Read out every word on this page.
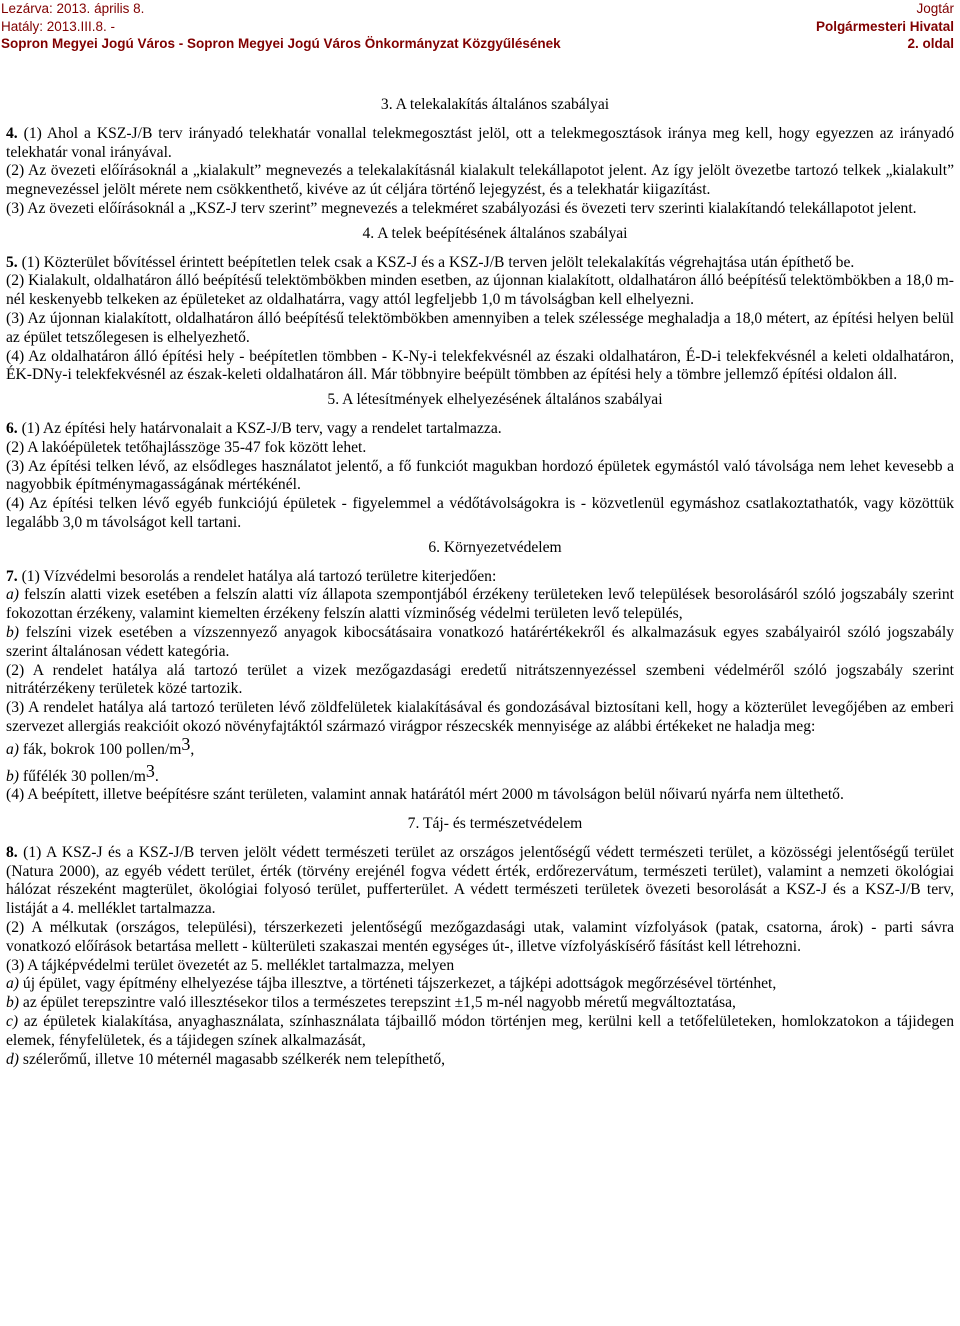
Lezárva: 2013. április 8.
Hatály: 2013.III.8. -
Sopron Megyei Jogú Város - Sopron Megyei Jogú Város Önkormányzat Közgyűlésének
Jogtár
Polgármesteri Hivatal
2. oldal
3. A telekalakítás általános szabályai
4. (1) Ahol a KSZ-J/B terv irányadó telekhatár vonallal telekmegosztást jelöl, ott a telekmegosztások iránya meg kell, hogy egyezzen az irányadó telekhatár vonal irányával.
(2) Az övezeti előírásoknál a „kialakult” megnevezés a telekalakításnál kialakult telekállapotot jelent. Az így jelölt övezetbe tartozó telkek „kialakult” megnevezéssel jelölt mérete nem csökkenthető, kivéve az út céljára történő lejegyzést, és a telekhatár kiigazítást.
(3) Az övezeti előírásoknál a „KSZ-J terv szerint” megnevezés a telekméret szabályozási és övezeti terv szerinti kialakítandó telekállapotot jelent.
4. A telek beépítésének általános szabályai
5. (1) Közterület bővítéssel érintett beépítetlen telek csak a KSZ-J és a KSZ-J/B terven jelölt telekalakítás végrehajtása után építhető be.
(2) Kialakult, oldalhatáron álló beépítésű telektömbökben minden esetben, az újonnan kialakított, oldalhatáron álló beépítésű telektömbökben a 18,0 m-nél keskenyebb telkeken az épületeket az oldalhatárra, vagy attól legfeljebb 1,0 m távolságban kell elhelyezni.
(3) Az újonnan kialakított, oldalhatáron álló beépítésű telektömbökben amennyiben a telek szélessége meghaladja a 18,0 métert, az építési helyen belül az épület tetszőlegesen is elhelyezhető.
(4) Az oldalhatáron álló építési hely - beépítetlen tömbben - K-Ny-i telekfekvésnél az északi oldalhatáron, É-D-i telekfekvésnél a keleti oldalhatáron, ÉK-DNy-i telekfekvésnél az észak-keleti oldalhatáron áll. Már többnyire beépült tömbben az építési hely a tömbre jellemző építési oldalon áll.
5. A létesítmények elhelyezésének általános szabályai
6. (1) Az építési hely határvonalait a KSZ-J/B terv, vagy a rendelet tartalmazza.
(2) A lakóépületek tetőhajlásszöge 35-47 fok között lehet.
(3) Az építési telken lévő, az elsődleges használatot jelentő, a fő funkciót magukban hordozó épületek egymástól való távolsága nem lehet kevesebb a nagyobbik építménymagasságának mértékénél.
(4) Az építési telken lévő egyéb funkciójú épületek - figyelemmel a védőtávolságokra is - közvetlenül egymáshoz csatlakoztathatók, vagy közöttük legalább 3,0 m távolságot kell tartani.
6. Környezetvédelem
7. (1) Vízvédelmi besorolás a rendelet hatálya alá tartozó területre kiterjedően:
a) felszín alatti vizek esetében a felszín alatti víz állapota szempontjából érzékeny területeken levő települések besorolásáról szóló jogszabály szerint fokozottan érzékeny, valamint kiemelten érzékeny felszín alatti vízminőség védelmi területen levő település,
b) felszíni vizek esetében a vízszennyező anyagok kibocsátásaira vonatkozó határértékekről és alkalmazásuk egyes szabályairól szóló jogszabály szerint általánosan védett kategória.
(2) A rendelet hatálya alá tartozó terület a vizek mezőgazdasági eredetű nitrátszennyezéssel szembeni védelméről szóló jogszabály szerint nitrátérzékeny területek közé tartozik.
(3) A rendelet hatálya alá tartozó területen lévő zöldfelületek kialakításával és gondozásával biztosítani kell, hogy a közterület levegőjében az emberi szervezet allergiás reakcióit okozó növényfajtáktól származó virágpor részecskék mennyisége az alábbi értékeket ne haladja meg:
a) fák, bokrok 100 pollen/m3,
b) fűfélék 30 pollen/m3.
(4) A beépített, illetve beépítésre szánt területen, valamint annak határától mért 2000 m távolságon belül nőivarú nyárfa nem ültethető.
7. Táj- és természetvédelem
8. (1) A KSZ-J és a KSZ-J/B terven jelölt védett természeti terület az országos jelentőségű védett természeti terület, a közösségi jelentőségű terület (Natura 2000), az egyéb védett terület, érték (törvény erejénél fogva védett érték, erdőrezervátum, természeti terület), valamint a nemzeti ökológiai hálózat részeként magterület, ökológiai folyosó terület, pufferterület. A védett természeti területek övezeti besorolását a KSZ-J és a KSZ-J/B terv, listáját a 4. melléklet tartalmazza.
(2) A mélkutak (országos, települési), térszerkezeti jelentőségű mezőgazdasági utak, valamint vízfolyások (patak, csatorna, árok) - parti sávra vonatkozó előírások betartása mellett - külterületi szakaszai mentén egységes út-, illetve vízfolyáskísérő fásítást kell létrehozni.
(3) A tájképvédelmi terület övezetét az 5. melléklet tartalmazza, melyen
a) új épület, vagy építmény elhelyezése tájba illesztve, a történeti tájszerkezet, a tájképi adottságok megőrzésével történhet,
b) az épület terepszintre való illesztésekor tilos a természetes terepszint ±1,5 m-nél nagyobb méretű megváltoztatása,
c) az épületek kialakítása, anyaghasználata, színhasználata tájbaillő módon történjen meg, kerülni kell a tetőfelületeken, homlokzatokon a tájidegen elemek, fényfelületek, és a tájidegen színek alkalmazását,
d) szélerőmű, illetve 10 méternél magasabb szélkerék nem telepíthető,
